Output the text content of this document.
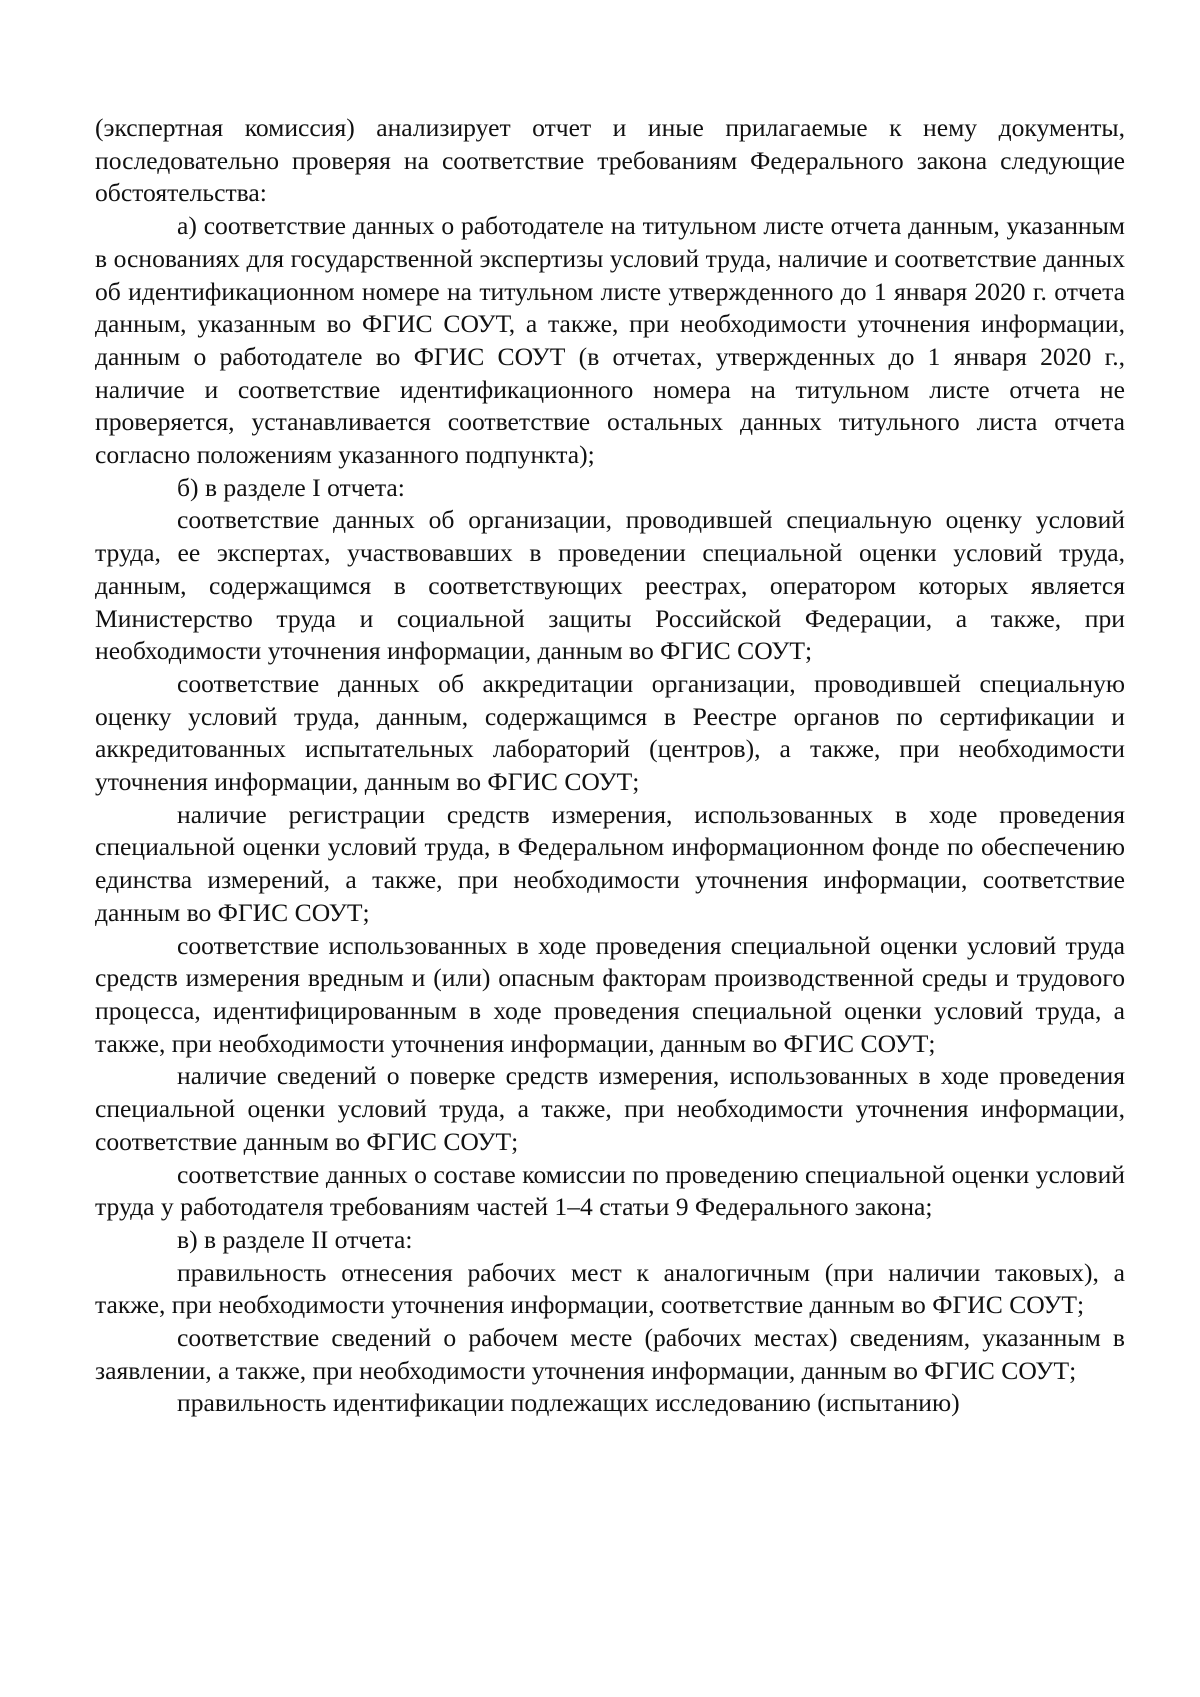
(экспертная комиссия) анализирует отчет и иные прилагаемые к нему документы, последовательно проверяя на соответствие требованиям Федерального закона следующие обстоятельства:

а) соответствие данных о работодателе на титульном листе отчета данным, указанным в основаниях для государственной экспертизы условий труда, наличие и соответствие данных об идентификационном номере на титульном листе утвержденного до 1 января 2020 г. отчета данным, указанным во ФГИС СОУТ, а также, при необходимости уточнения информации, данным о работодателе во ФГИС СОУТ (в отчетах, утвержденных до 1 января 2020 г., наличие и соответствие идентификационного номера на титульном листе отчета не проверяется, устанавливается соответствие остальных данных титульного листа отчета согласно положениям указанного подпункта);

б) в разделе I отчета:

соответствие данных об организации, проводившей специальную оценку условий труда, ее экспертах, участвовавших в проведении специальной оценки условий труда, данным, содержащимся в соответствующих реестрах, оператором которых является Министерство труда и социальной защиты Российской Федерации, а также, при необходимости уточнения информации, данным во ФГИС СОУТ;

соответствие данных об аккредитации организации, проводившей специальную оценку условий труда, данным, содержащимся в Реестре органов по сертификации и аккредитованных испытательных лабораторий (центров), а также, при необходимости уточнения информации, данным во ФГИС СОУТ;

наличие регистрации средств измерения, использованных в ходе проведения специальной оценки условий труда, в Федеральном информационном фонде по обеспечению единства измерений, а также, при необходимости уточнения информации, соответствие данным во ФГИС СОУТ;

соответствие использованных в ходе проведения специальной оценки условий труда средств измерения вредным и (или) опасным факторам производственной среды и трудового процесса, идентифицированным в ходе проведения специальной оценки условий труда, а также, при необходимости уточнения информации, данным во ФГИС СОУТ;

наличие сведений о поверке средств измерения, использованных в ходе проведения специальной оценки условий труда, а также, при необходимости уточнения информации, соответствие данным во ФГИС СОУТ;

соответствие данных о составе комиссии по проведению специальной оценки условий труда у работодателя требованиям частей 1–4 статьи 9 Федерального закона;

в) в разделе II отчета:

правильность отнесения рабочих мест к аналогичным (при наличии таковых), а также, при необходимости уточнения информации, соответствие данным во ФГИС СОУТ;

соответствие сведений о рабочем месте (рабочих местах) сведениям, указанным в заявлении, а также, при необходимости уточнения информации, данным во ФГИС СОУТ;

правильность идентификации подлежащих исследованию (испытанию)
